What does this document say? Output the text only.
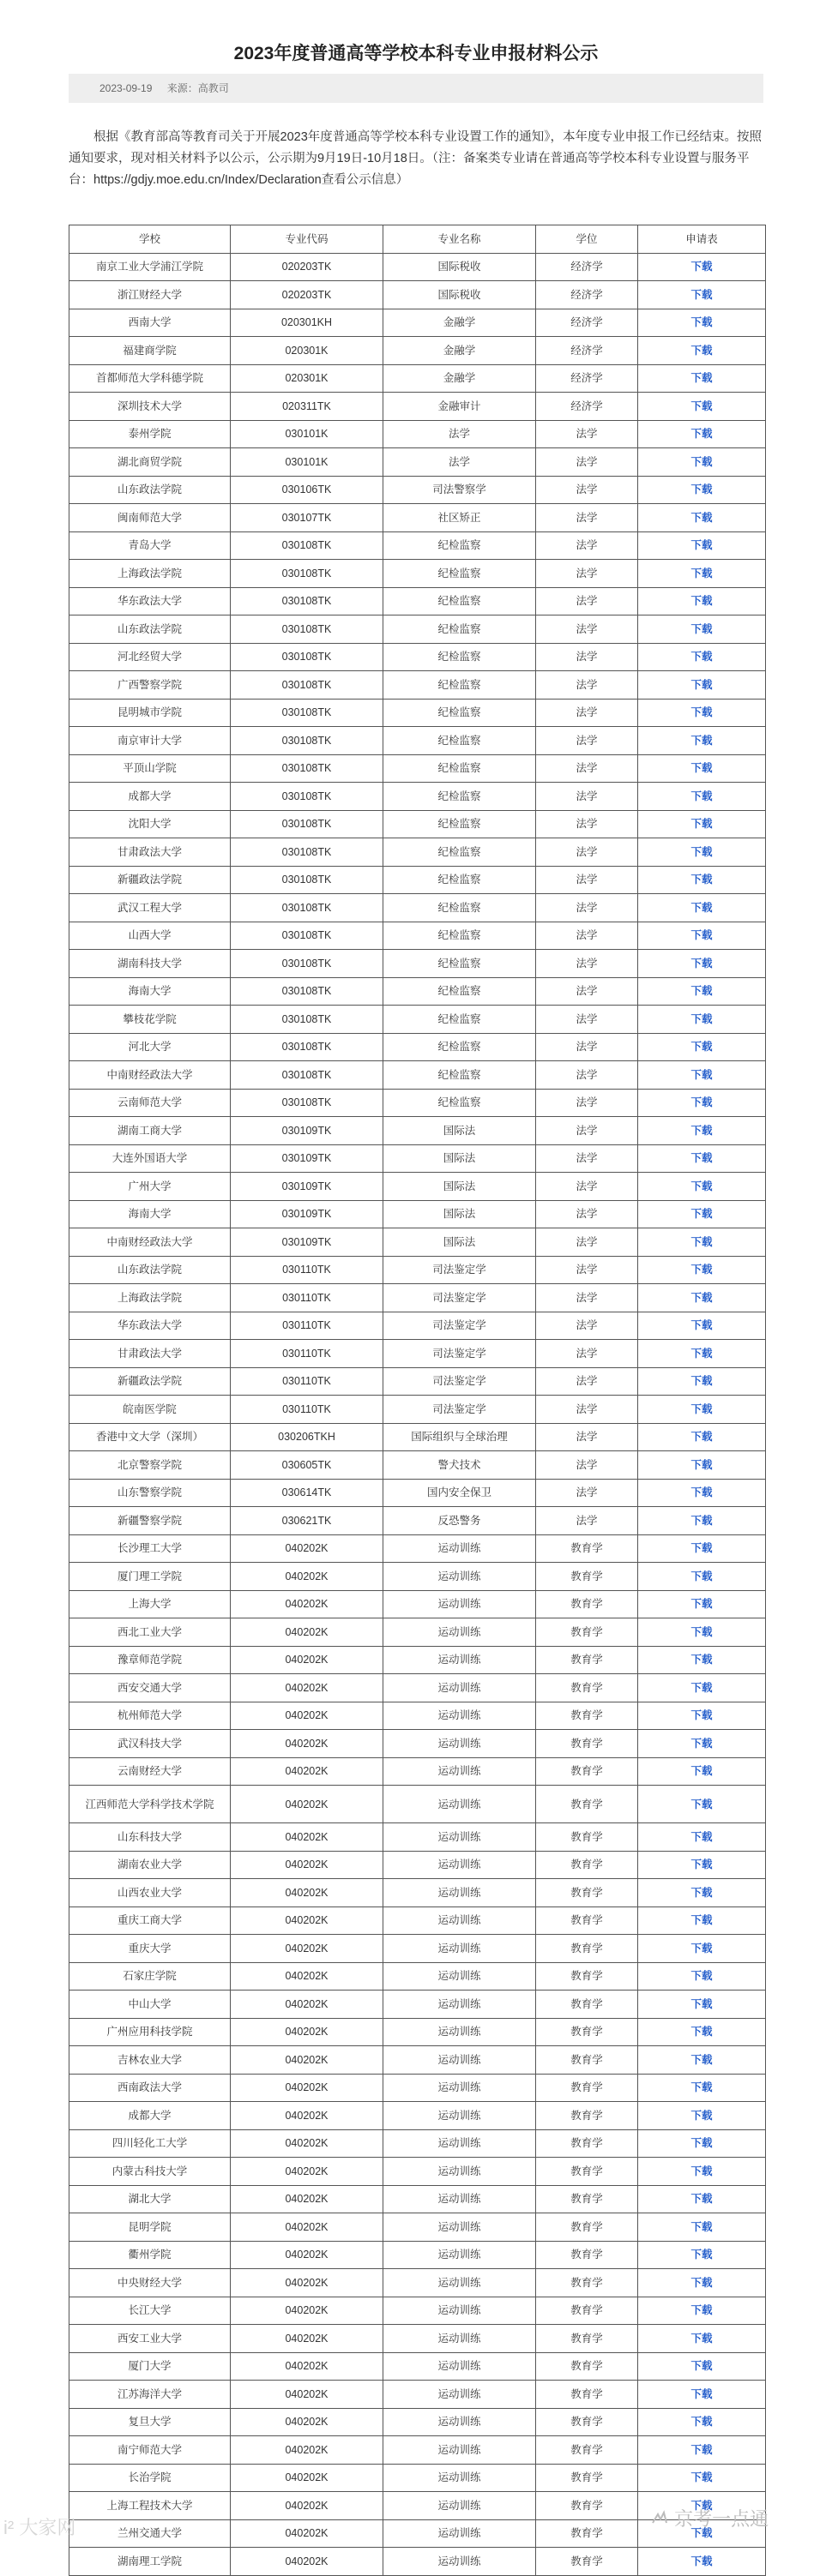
2023年度普通高等学校本科专业申报材料公示
2023-09-19 来源：高教司
根据《教育部高等教育司关于开展2023年度普通高等学校本科专业设置工作的通知》，本年度专业申报工作已经结束。按照通知要求，现对相关材料予以公示，公示期为9月19日-10月18日。（注：备案类专业请在普通高等学校本科专业设置与服务平台：https://gdjy.moe.edu.cn/Index/Declaration查看公示信息）
学校	专业代码	专业名称	学位	申请表
南京工业大学浦江学院	020203TK	国际税收	经济学	下载
浙江财经大学	020203TK	国际税收	经济学	下载
西南大学	020301KH	金融学	经济学	下载
福建商学院	020301K	金融学	经济学	下载
首都师范大学科德学院	020301K	金融学	经济学	下载
深圳技术大学	020311TK	金融审计	经济学	下载
泰州学院	030101K	法学	法学	下载
湖北商贸学院	030101K	法学	法学	下载
山东政法学院	030106TK	司法警察学	法学	下载
闽南师范大学	030107TK	社区矫正	法学	下载
青岛大学	030108TK	纪检监察	法学	下载
上海政法学院	030108TK	纪检监察	法学	下载
华东政法大学	030108TK	纪检监察	法学	下载
山东政法学院	030108TK	纪检监察	法学	下载
河北经贸大学	030108TK	纪检监察	法学	下载
广西警察学院	030108TK	纪检监察	法学	下载
昆明城市学院	030108TK	纪检监察	法学	下载
南京审计大学	030108TK	纪检监察	法学	下载
平顶山学院	030108TK	纪检监察	法学	下载
成都大学	030108TK	纪检监察	法学	下载
沈阳大学	030108TK	纪检监察	法学	下载
甘肃政法大学	030108TK	纪检监察	法学	下载
新疆政法学院	030108TK	纪检监察	法学	下载
武汉工程大学	030108TK	纪检监察	法学	下载
山西大学	030108TK	纪检监察	法学	下载
湖南科技大学	030108TK	纪检监察	法学	下载
海南大学	030108TK	纪检监察	法学	下载
攀枝花学院	030108TK	纪检监察	法学	下载
河北大学	030108TK	纪检监察	法学	下载
中南财经政法大学	030108TK	纪检监察	法学	下载
云南师范大学	030108TK	纪检监察	法学	下载
湖南工商大学	030109TK	国际法	法学	下载
大连外国语大学	030109TK	国际法	法学	下载
广州大学	030109TK	国际法	法学	下载
海南大学	030109TK	国际法	法学	下载
中南财经政法大学	030109TK	国际法	法学	下载
山东政法学院	030110TK	司法鉴定学	法学	下载
上海政法学院	030110TK	司法鉴定学	法学	下载
华东政法大学	030110TK	司法鉴定学	法学	下载
甘肃政法大学	030110TK	司法鉴定学	法学	下载
新疆政法学院	030110TK	司法鉴定学	法学	下载
皖南医学院	030110TK	司法鉴定学	法学	下载
香港中文大学（深圳）	030206TKH	国际组织与全球治理	法学	下载
北京警察学院	030605TK	警犬技术	法学	下载
山东警察学院	030614TK	国内安全保卫	法学	下载
新疆警察学院	030621TK	反恐警务	法学	下载
长沙理工大学	040202K	运动训练	教育学	下载
厦门理工学院	040202K	运动训练	教育学	下载
上海大学	040202K	运动训练	教育学	下载
西北工业大学	040202K	运动训练	教育学	下载
豫章师范学院	040202K	运动训练	教育学	下载
西安交通大学	040202K	运动训练	教育学	下载
杭州师范大学	040202K	运动训练	教育学	下载
武汉科技大学	040202K	运动训练	教育学	下载
云南财经大学	040202K	运动训练	教育学	下载
江西师范大学科学技术学院	040202K	运动训练	教育学	下载
山东科技大学	040202K	运动训练	教育学	下载
湖南农业大学	040202K	运动训练	教育学	下载
山西农业大学	040202K	运动训练	教育学	下载
重庆工商大学	040202K	运动训练	教育学	下载
重庆大学	040202K	运动训练	教育学	下载
石家庄学院	040202K	运动训练	教育学	下载
中山大学	040202K	运动训练	教育学	下载
广州应用科技学院	040202K	运动训练	教育学	下载
吉林农业大学	040202K	运动训练	教育学	下载
西南政法大学	040202K	运动训练	教育学	下载
成都大学	040202K	运动训练	教育学	下载
四川轻化工大学	040202K	运动训练	教育学	下载
内蒙古科技大学	040202K	运动训练	教育学	下载
湖北大学	040202K	运动训练	教育学	下载
昆明学院	040202K	运动训练	教育学	下载
衢州学院	040202K	运动训练	教育学	下载
中央财经大学	040202K	运动训练	教育学	下载
长江大学	040202K	运动训练	教育学	下载
西安工业大学	040202K	运动训练	教育学	下载
厦门大学	040202K	运动训练	教育学	下载
江苏海洋大学	040202K	运动训练	教育学	下载
复旦大学	040202K	运动训练	教育学	下载
南宁师范大学	040202K	运动训练	教育学	下载
长治学院	040202K	运动训练	教育学	下载
上海工程技术大学	040202K	运动训练	教育学	下载
兰州交通大学	040202K	运动训练	教育学	下载
湖南理工学院	040202K	运动训练	教育学	下载
i² 大家网	京考一点通
